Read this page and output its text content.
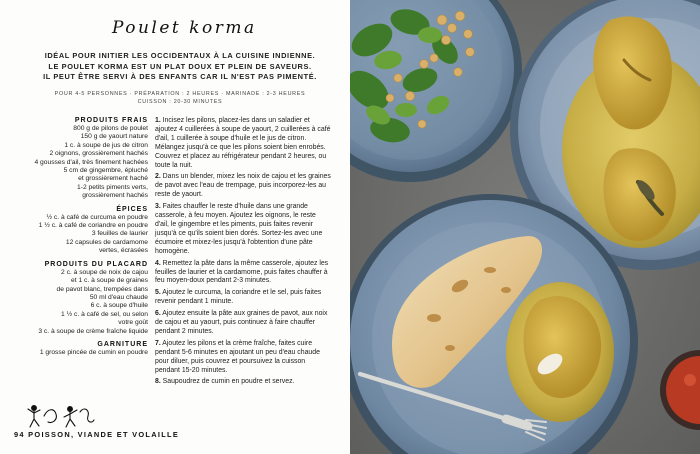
Poulet korma

IDÉAL POUR INITIER LES OCCIDENTAUX À LA CUISINE INDIENNE.

LE POULET KORMA EST UN PLAT DOUX ET PLEIN DE SAVEURS.

IL PEUT ÊTRE SERVI À DES ENFANTS CAR IL N'EST PAS PIMENTÉ.

POUR 4-5 PERSONNES · PRÉPARATION : 2 HEURES · MARINADE : 2-3 HEURES

CUISSON : 20-30 MINUTES

PRODUITS FRAIS

800 g de pilons de poulet

150 g de yaourt nature

1 c. à soupe de jus de citron

2 oignons, grossièrement hachés

4 gousses d'ail, très finement hachées

5 cm de gingembre, épluché

et grossièrement haché

1-2 petits piments verts,

grossièrement hachés

ÉPICES

½ c. à café de curcuma en poudre

1 ½ c. à café de coriandre en poudre

3 feuilles de laurier

12 capsules de cardamome

vertes, écrasées

PRODUITS DU PLACARD

2 c. à soupe de noix de cajou

et 1 c. à soupe de graines

de pavot blanc, trempées dans

50 ml d'eau chaude

6 c. à soupe d'huile

1 ½ c. à café de sel, ou selon

votre goût

3 c. à soupe de crème fraîche liquide

GARNITURE

1 grosse pincée de cumin en poudre

1. Incisez les pilons, placez-les dans un saladier et ajoutez 4 cuillerées à soupe de yaourt, 2 cuillerées à café d'ail, 1 cuillerée à soupe d'huile et le jus de citron. Mélangez jusqu'à ce que les pilons soient bien enrobés. Couvrez et placez au réfrigérateur pendant 2 heures, ou toute la nuit.

2. Dans un blender, mixez les noix de cajou et les graines de pavot avec l'eau de trempage, puis incorporez-les au reste de yaourt.

3. Faites chauffer le reste d'huile dans une grande casserole, à feu moyen. Ajoutez les oignons, le reste d'ail, le gingembre et les piments, puis faites revenir jusqu'à ce qu'ils soient bien dorés. Sortez-les avec une écumoire et mixez-les jusqu'à l'obtention d'une pâte homogène.

4. Remettez la pâte dans la même casserole, ajoutez les feuilles de laurier et la cardamome, puis faites chauffer à feu moyen-doux pendant 2-3 minutes.

5. Ajoutez le curcuma, la coriandre et le sel, puis faites revenir pendant 1 minute.

6. Ajoutez ensuite la pâte aux graines de pavot, aux noix de cajou et au yaourt, puis continuez à faire chauffer pendant 2 minutes.

7. Ajoutez les pilons et la crème fraîche, faites cuire pendant 5-6 minutes en ajoutant un peu d'eau chaude pour diluer, puis couvrez et poursuivez la cuisson pendant 15-20 minutes.

8. Saupoudrez de cumin en poudre et servez.

94 POISSON, VIANDE ET VOLAILLE
